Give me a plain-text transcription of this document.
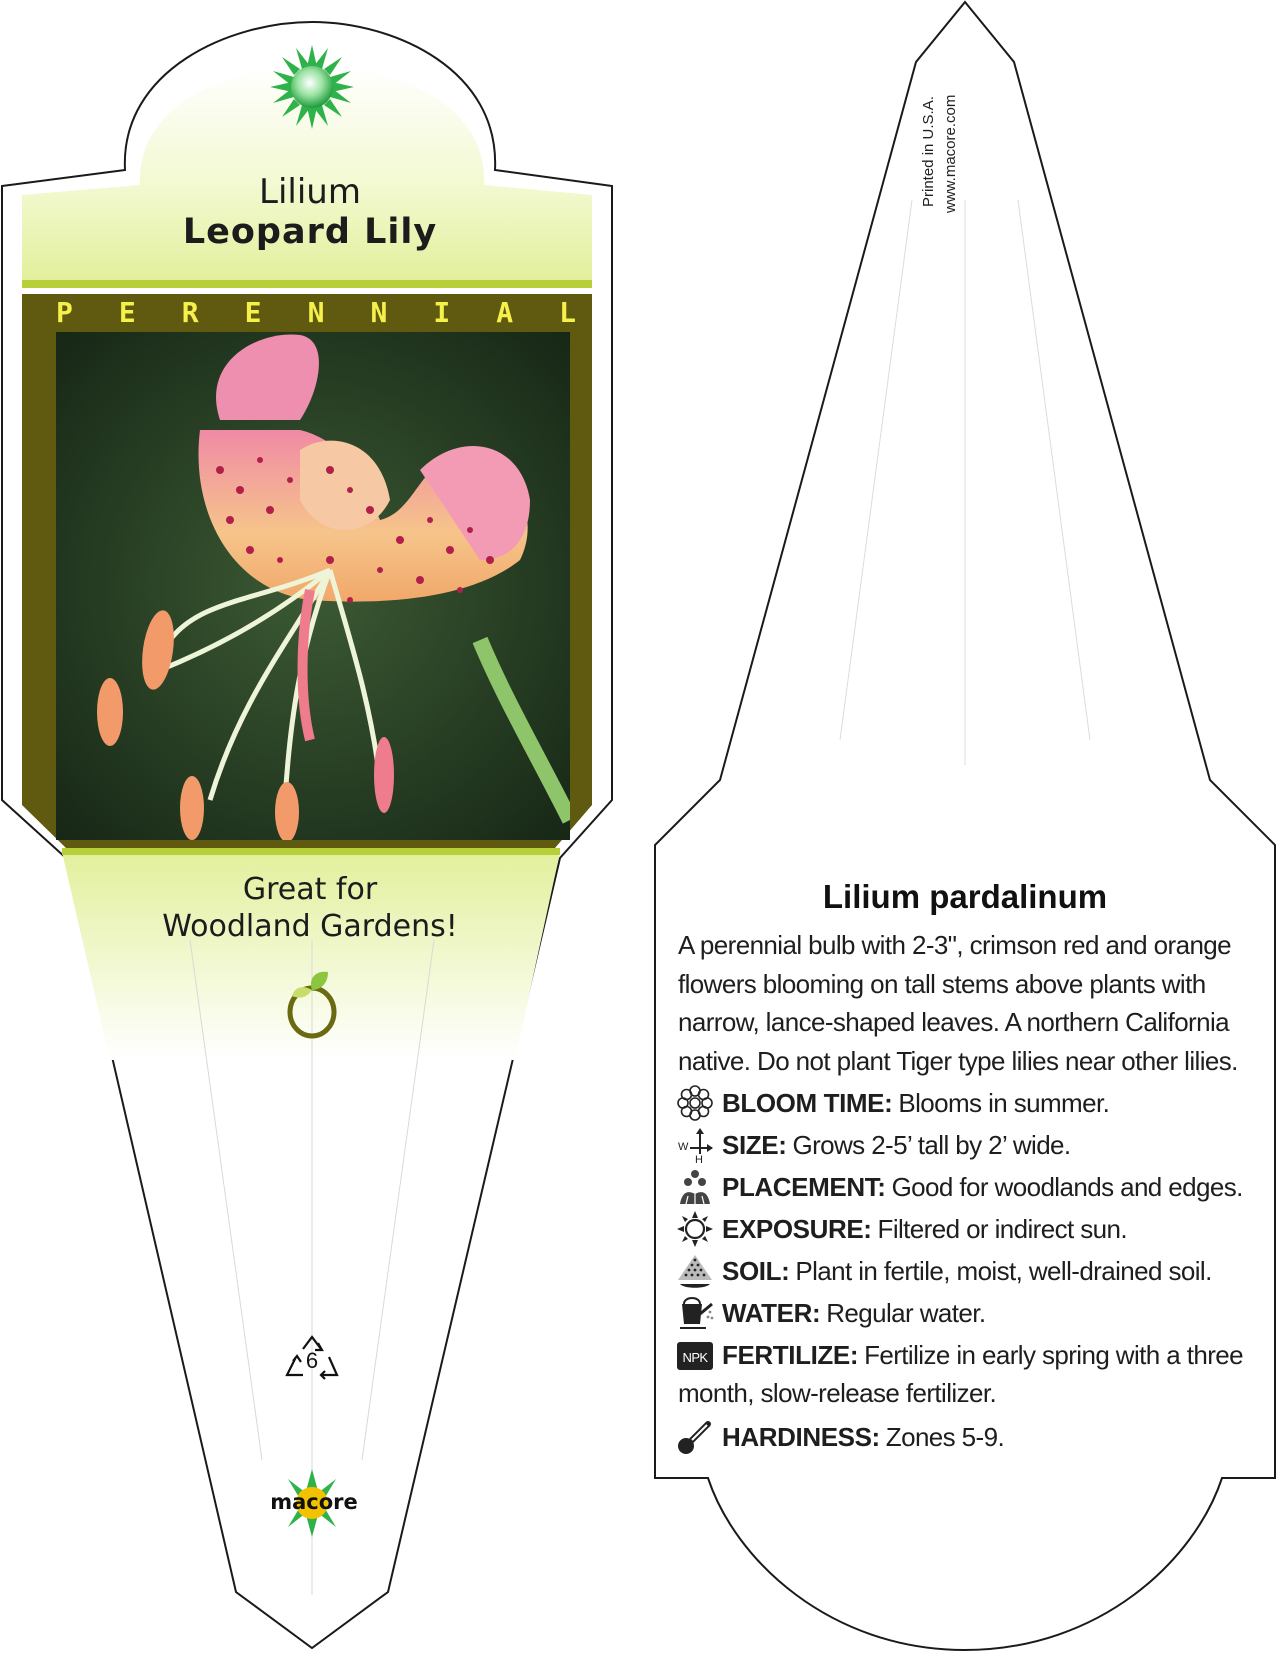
Lilium
Leopard Lily
P E R E N N I A L
Great for
Woodland Gardens!
6
macore
Printed in U.S.A. www.macore.com
Lilium pardalinum
A perennial bulb with 2-3", crimson red and orange flowers blooming on tall stems above plants with narrow, lance-shaped leaves. A northern California native. Do not plant Tiger type lilies near other lilies.
BLOOM TIME: Blooms in summer.
W
H
SIZE: Grows 2-5’ tall by 2’ wide.
PLACEMENT: Good for woodlands and edges.
EXPOSURE: Filtered or indirect sun.
SOIL: Plant in fertile, moist, well-drained soil.
WATER: Regular water.
NPK FERTILIZE: Fertilize in early spring with a three
month, slow-release fertilizer.
HARDINESS: Zones 5-9.
